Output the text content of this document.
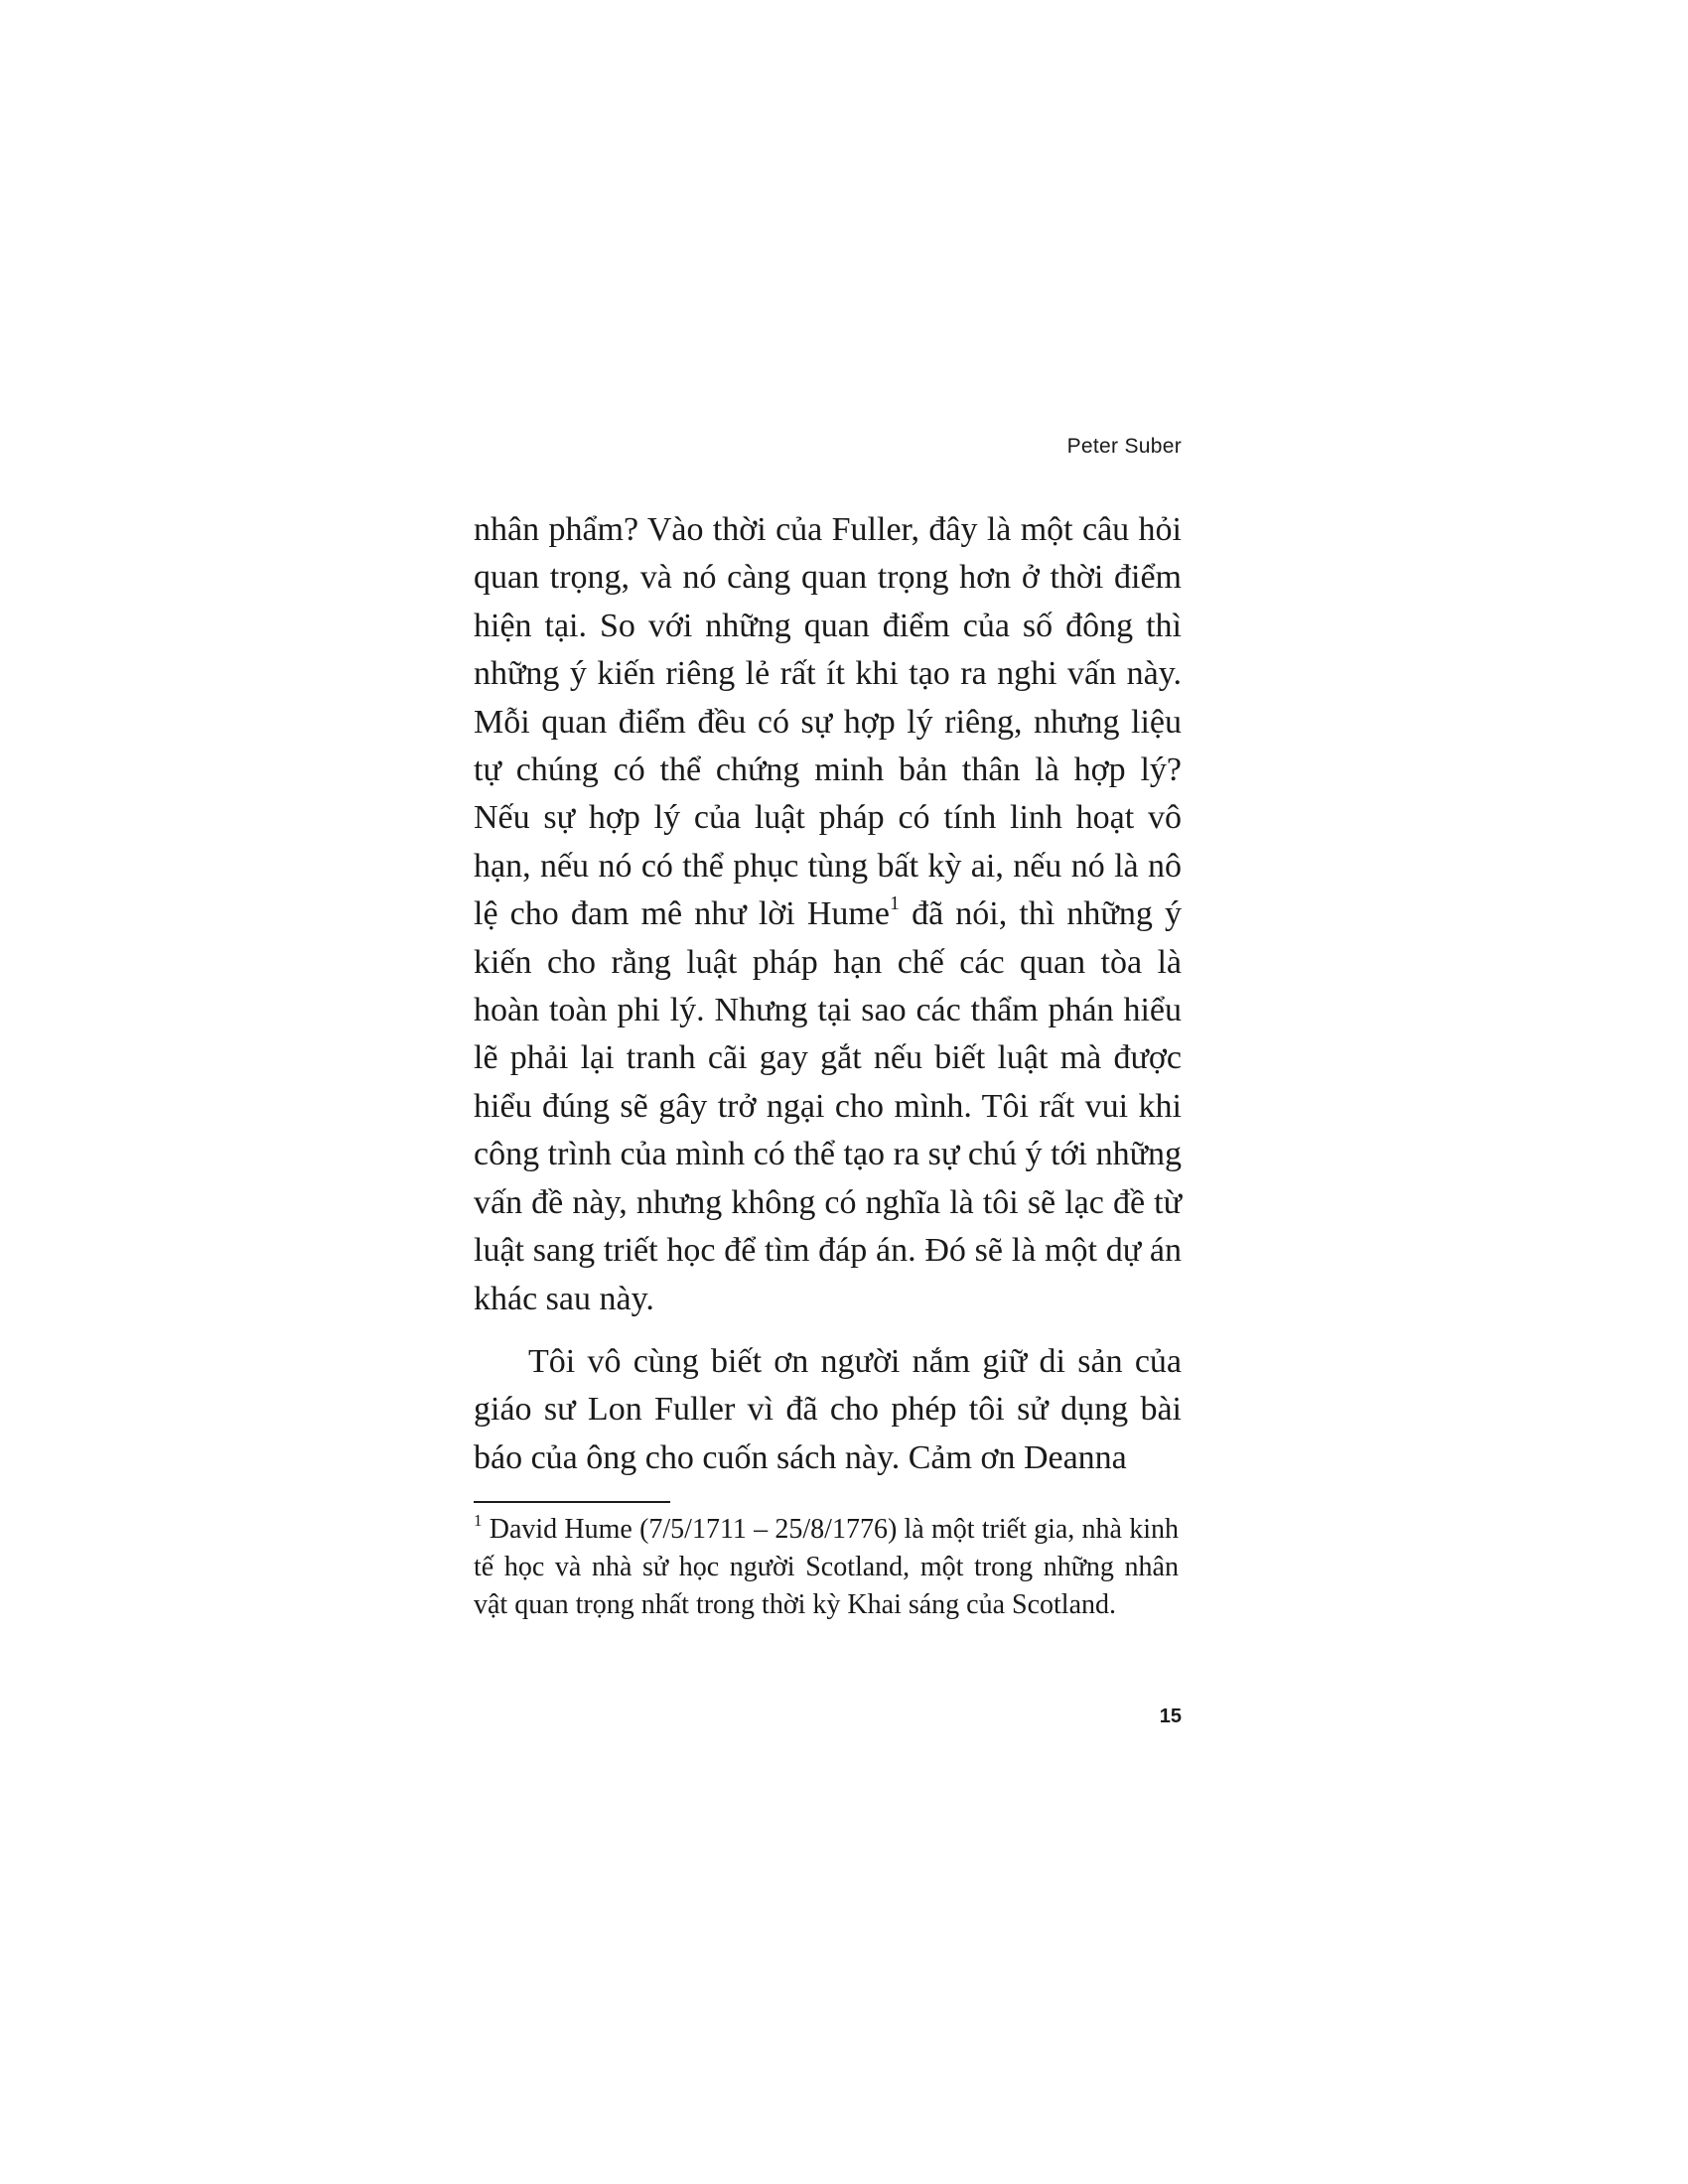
Peter Suber

nhân phẩm? Vào thời của Fuller, đây là một câu hỏi quan trọng, và nó càng quan trọng hơn ở thời điểm hiện tại. So với những quan điểm của số đông thì những ý kiến riêng lẻ rất ít khi tạo ra nghi vấn này. Mỗi quan điểm đều có sự hợp lý riêng, nhưng liệu tự chúng có thể chứng minh bản thân là hợp lý? Nếu sự hợp lý của luật pháp có tính linh hoạt vô hạn, nếu nó có thể phục tùng bất kỳ ai, nếu nó là nô lệ cho đam mê như lời Hume$^1$ đã nói, thì những ý kiến cho rằng luật pháp hạn chế các quan tòa là hoàn toàn phi lý. Nhưng tại sao các thẩm phán hiểu lẽ phải lại tranh cãi gay gắt nếu biết luật mà được hiểu đúng sẽ gây trở ngại cho mình. Tôi rất vui khi công trình của mình có thể tạo ra sự chú ý tới những vấn đề này, nhưng không có nghĩa là tôi sẽ lạc đề từ luật sang triết học để tìm đáp án. Đó sẽ là một dự án khác sau này.

Tôi vô cùng biết ơn người nắm giữ di sản của giáo sư Lon Fuller vì đã cho phép tôi sử dụng bài báo của ông cho cuốn sách này. Cảm ơn Deanna

$^1$ David Hume (7/5/1711 – 25/8/1776) là một triết gia, nhà kinh tế học và nhà sử học người Scotland, một trong những nhân vật quan trọng nhất trong thời kỳ Khai sáng của Scotland.

15
